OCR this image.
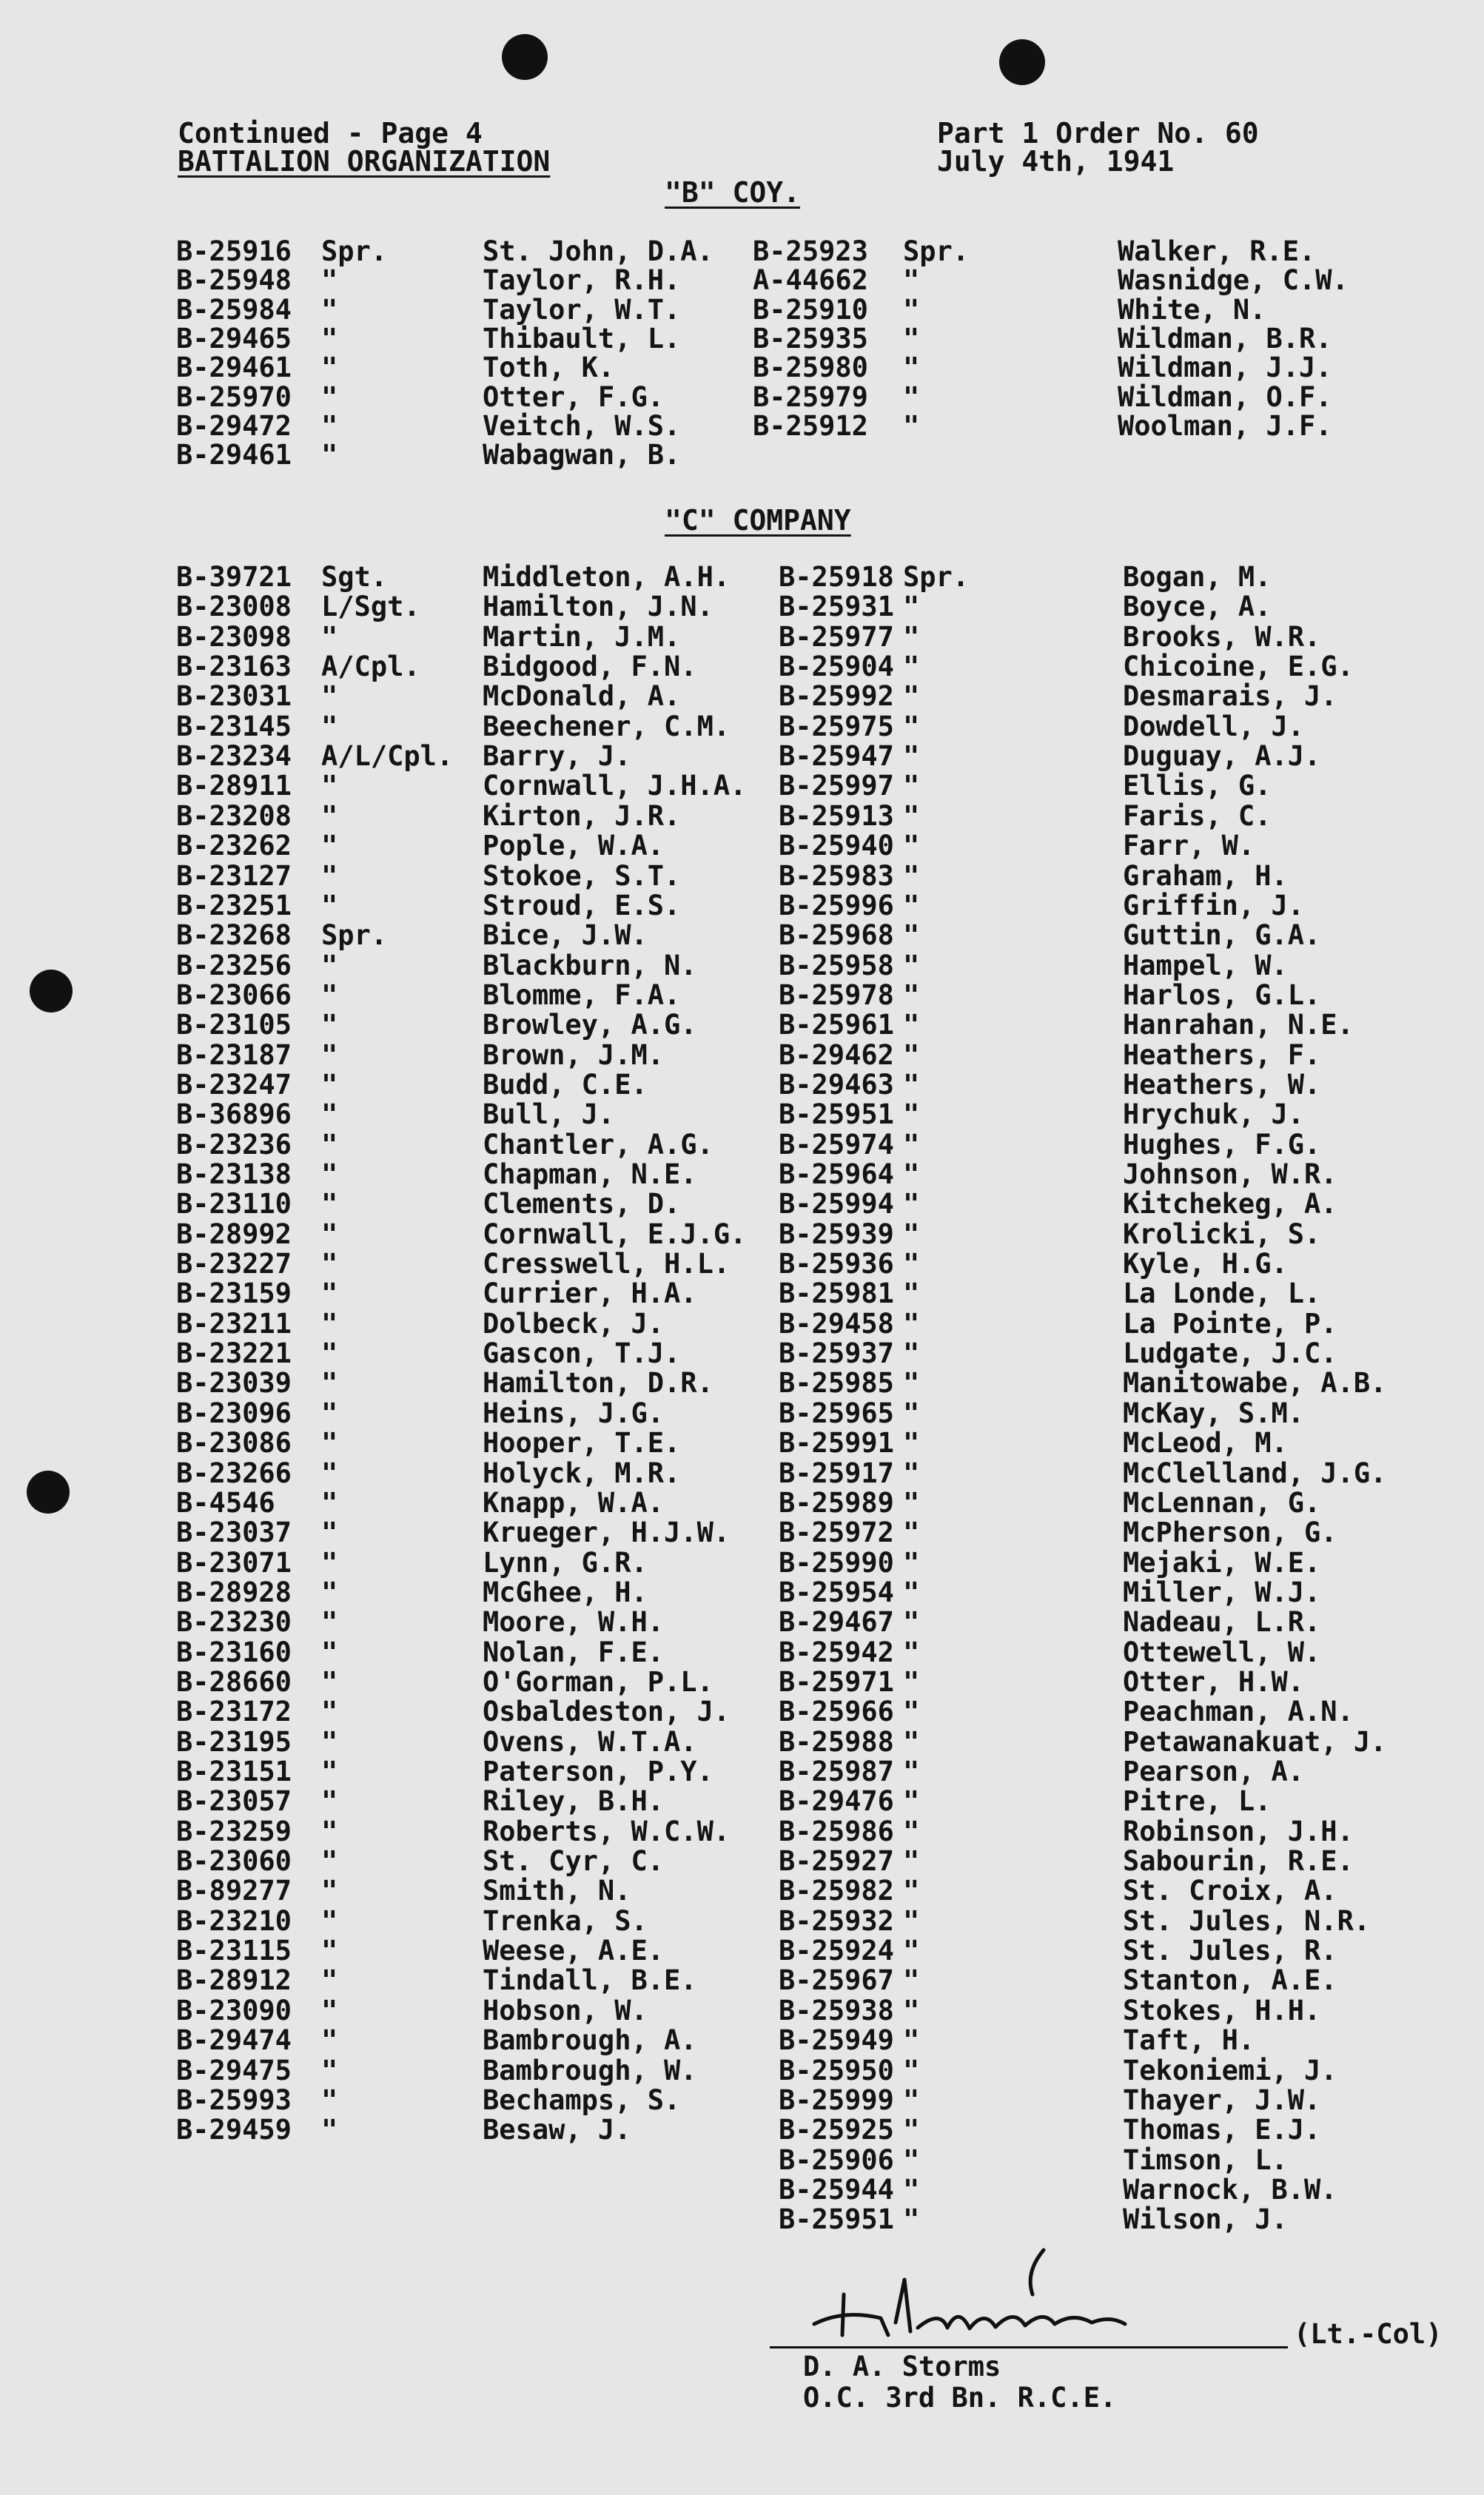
Continued - Page 4
BATTALION ORGANIZATION
Part 1 Order No. 60
July 4th, 1941
"B" COY.
B-25916 Spr.	St. John, D.A. B-25923 Spr.	Walker, R.E.
B-25948 "	Taylor, R.H.	A-44662 "	Wasnidge, C.W.
B-25984 "	Taylor, W.T.	B-25910 "	White, N.
B-29465 "	Thibault, L.	B-25935 "	Wildman, B.R.
B-29461 "	Toth, K.	B-25980 "	Wildman, J.J.
B-25970 "	Otter, F.G.	B-25979 "	Wildman, O.F.
B-29472 "	Veitch, W.S.	B-25912 "	Woolman, J.F.
B-29461 "	Wabagwan, B.
"C" COMPANY
B-39721 Sgt.	Middleton, A.H. B-25918 Spr.	Bogan, M.
B-23008 L/Sgt. Hamilton, J.N. B-25931 "	Boyce, A.
B-23098 "	Martin, J.M.	B-25977 "	Brooks, W.R.
B-23163 A/Cpl. Bidgood, F.N.	B-25904 "	Chicoine, E.G.
B-23031 "	McDonald, A.	B-25992 "	Desmarais, J.
B-23145 "	Beechener, C.M. B-25975 "	Dowdell, J.
B-23234 A/L/Cpl. Barry, J.	B-25947 "	Duguay, A.J.
B-28911 "	Cornwall, J.H.A. B-25997 "	Ellis, G.
B-23208 "	Kirton, J.R.	B-25913 "	Faris, C.
B-23262 "	Pople, W.A.	B-25940 "	Farr, W.
B-23127 "	Stokoe, S.T.	B-25983 "	Graham, H.
B-23251 "	Stroud, E.S.	B-25996 "	Griffin, J.
B-23268 Spr.	Bice, J.W.	B-25968 "	Guttin, G.A.
B-23256 "	Blackburn, N.	B-25958 "	Hampel, W.
B-23066 "	Blomme, F.A.	B-25978 "	Harlos, G.L.
B-23105 "	Browley, A.G.	B-25961 "	Hanrahan, N.E.
B-23187 "	Brown, J.M.	B-29462 "	Heathers, F.
B-23247 "	Budd, C.E.	B-29463 "	Heathers, W.
B-36896 "	Bull, J.	B-25951 "	Hrychuk, J.
B-23236 "	Chantler, A.G. B-25974 "	Hughes, F.G.
B-23138 "	Chapman, N.E.	B-25964 "	Johnson, W.R.
B-23110 "	Clements, D.	B-25994 "	Kitchekeg, A.
B-28992 "	Cornwall, E.J.G. B-25939 "	Krolicki, S.
B-23227 "	Cresswell, H.L. B-25936 "	Kyle, H.G.
B-23159 "	Currier, H.A.	B-25981 "	La Londe, L.
B-23211 "	Dolbeck, J.	B-29458 "	La Pointe, P.
B-23221 "	Gascon, T.J.	B-25937 "	Ludgate, J.C.
B-23039 "	Hamilton, D.R. B-25985 "	Manitowabe, A.B.
B-23096 "	Heins, J.G.	B-25965 "	McKay, S.M.
B-23086 "	Hooper, T.E.	B-25991 "	McLeod, M.
B-23266 "	Holyck, M.R.	B-25917 "	McClelland, J.G.
B-4546 "	Knapp, W.A.	B-25989 "	McLennan, G.
B-23037 "	Krueger, H.J.W. B-25972 "	McPherson, G.
B-23071 "	Lynn, G.R.	B-25990 "	Mejaki, W.E.
B-28928 "	McGhee, H.	B-25954 "	Miller, W.J.
B-23230 "	Moore, W.H.	B-29467 "	Nadeau, L.R.
B-23160 "	Nolan, F.E.	B-25942 "	Ottewell, W.
B-28660 "	O'Gorman, P.L. B-25971 "	Otter, H.W.
B-23172 "	Osbaldeston, J. B-25966 "	Peachman, A.N.
B-23195 "	Ovens, W.T.A.	B-25988 "	Petawanakuat, J.
B-23151 "	Paterson, P.Y. B-25987 "	Pearson, A.
B-23057 "	Riley, B.H.	B-29476 "	Pitre, L.
B-23259 "	Roberts, W.C.W. B-25986 "	Robinson, J.H.
B-23060 "	St. Cyr, C.	B-25927 "	Sabourin, R.E.
B-89277 "	Smith, N.	B-25982 "	St. Croix, A.
B-23210 "	Trenka, S.	B-25932 "	St. Jules, N.R.
B-23115 "	Weese, A.E.	B-25924 "	St. Jules, R.
B-28912 "	Tindall, B.E.	B-25967 "	Stanton, A.E.
B-23090 "	Hobson, W.	B-25938 "	Stokes, H.H.
B-29474 "	Bambrough, A.	B-25949 "	Taft, H.
B-29475 "	Bambrough, W.	B-25950 "	Tekoniemi, J.
B-25993 "	Bechamps, S.	B-25999 "	Thayer, J.W.
B-29459 "	Besaw, J.	B-25925 "	Thomas, E.J.
B-25906 "	Timson, L.
B-25944 "	Warnock, B.W.
B-25951 "	Wilson, J.
(Lt.-Col)
D. A. Storms
O.C. 3rd Bn. R.C.E.
